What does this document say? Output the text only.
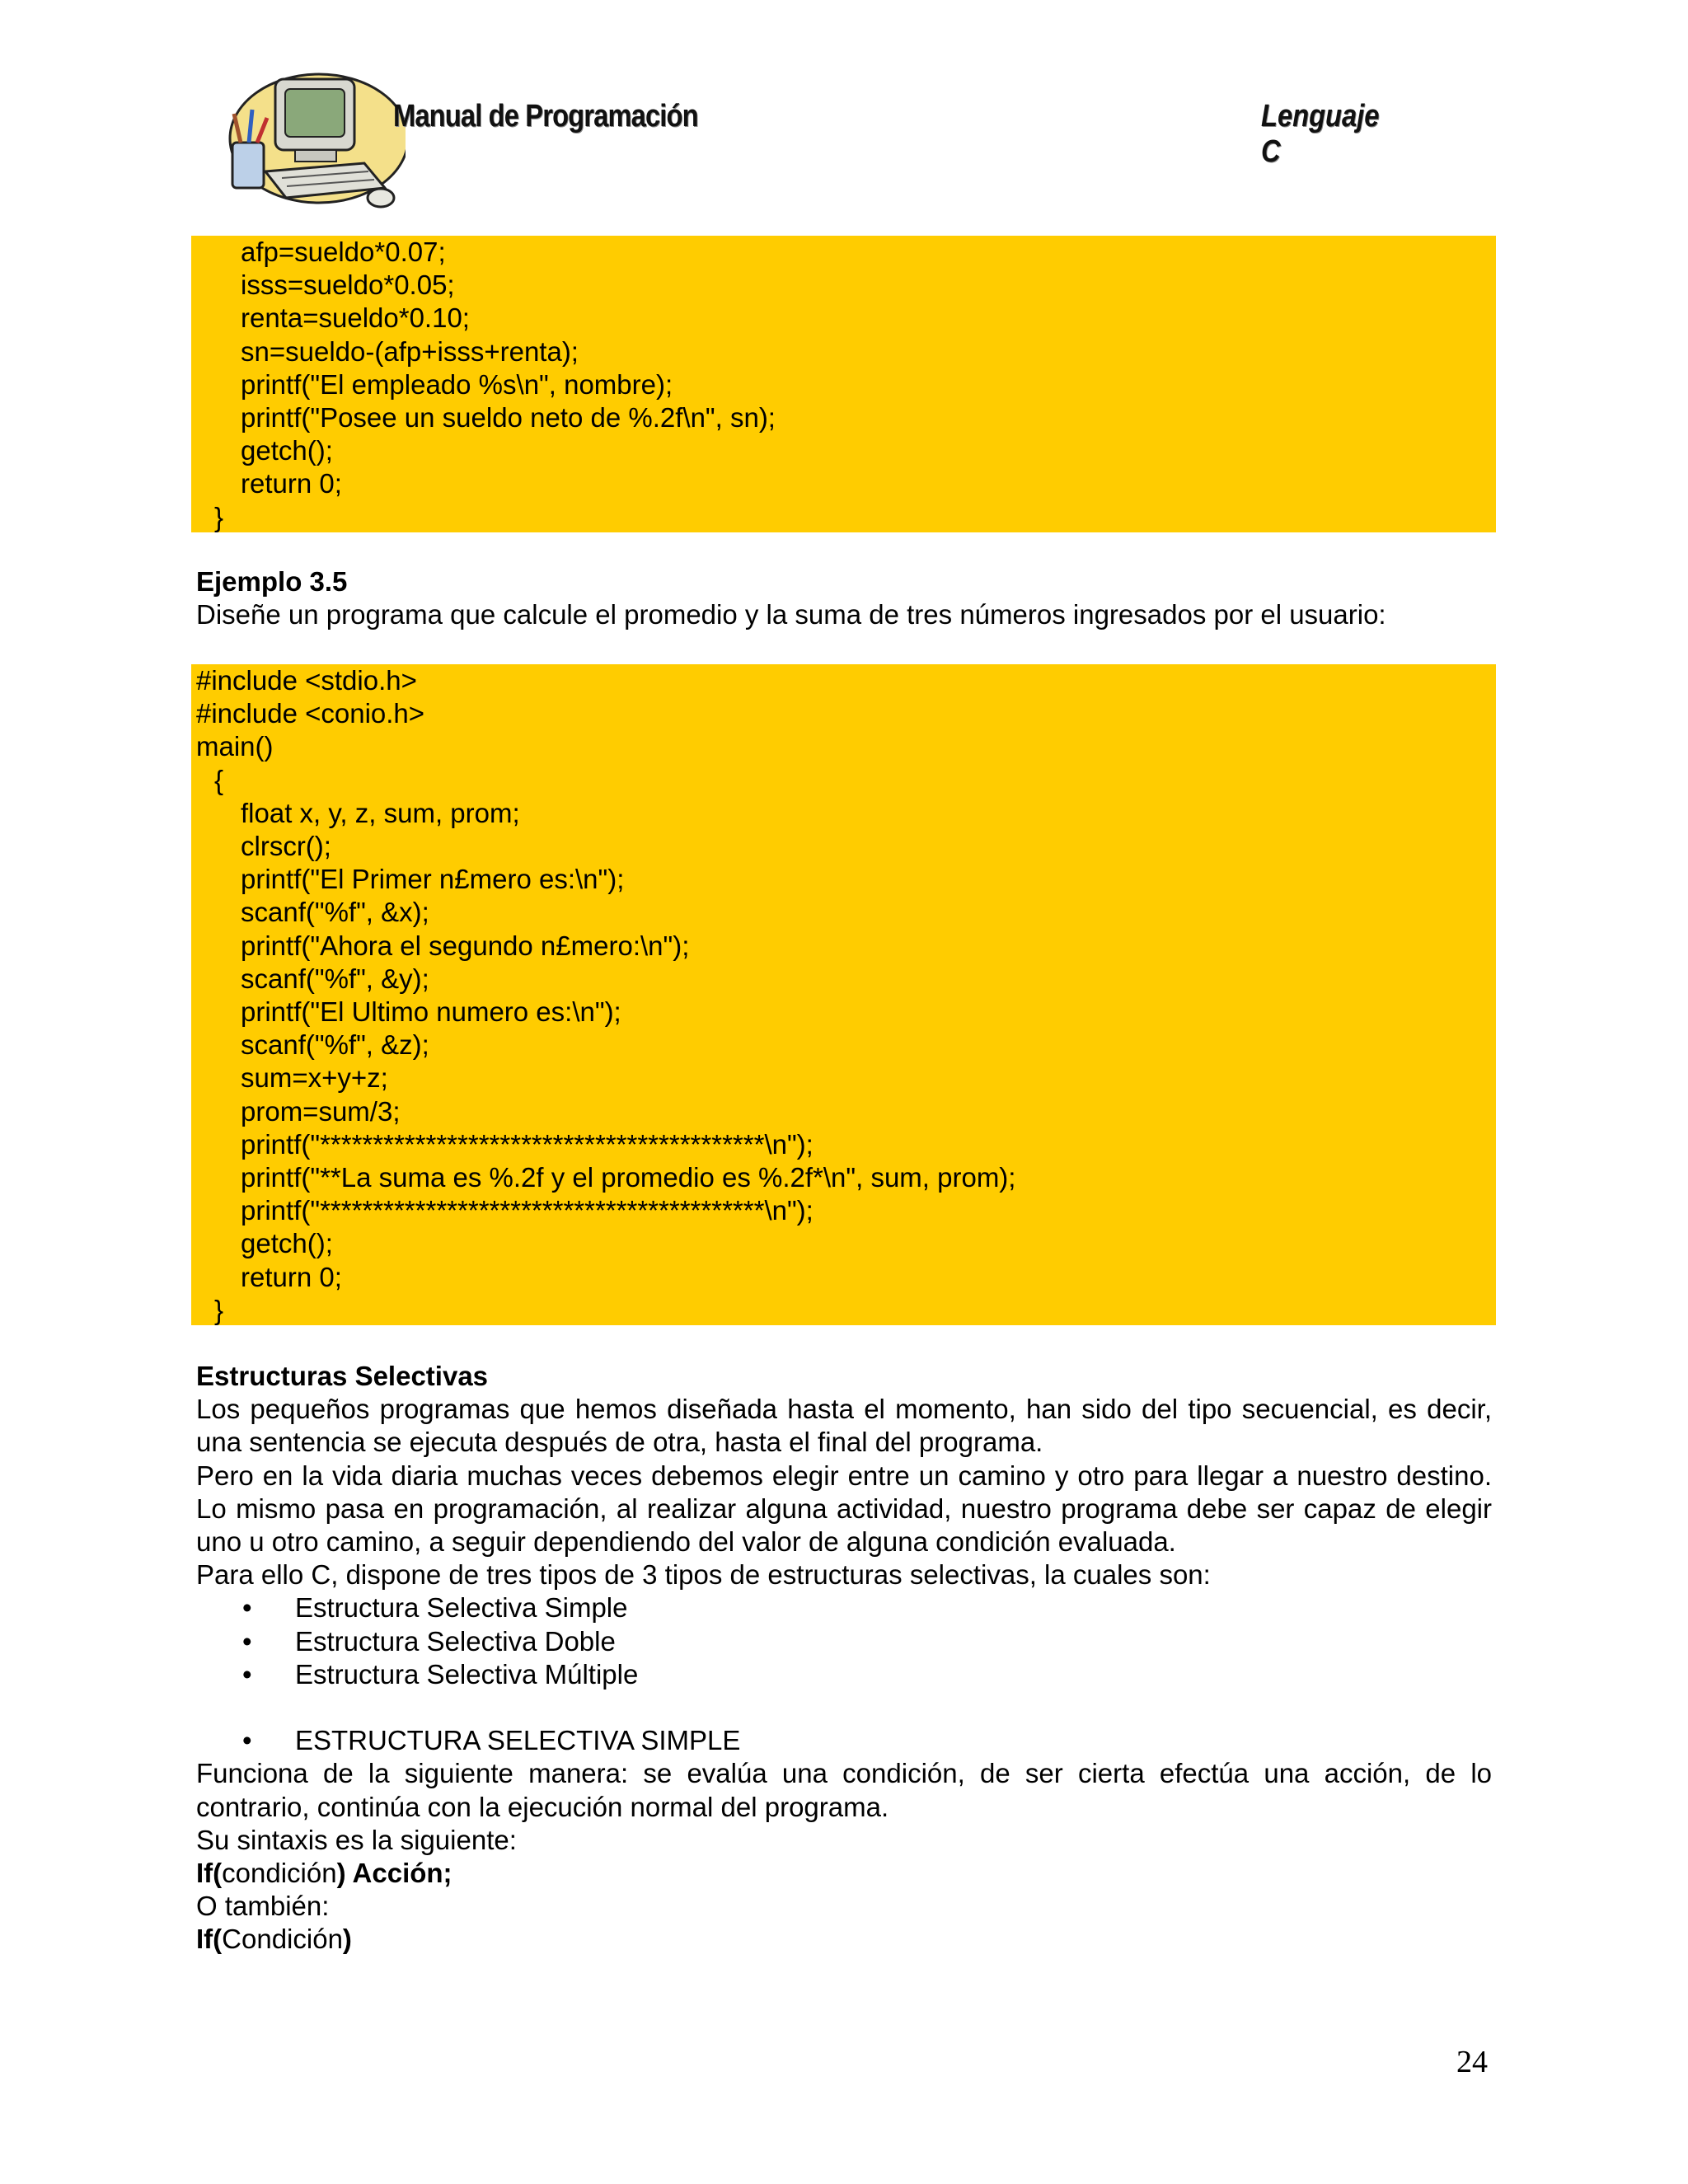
Manual de Programación	Lenguaje C
afp=sueldo*0.07;
isss=sueldo*0.05;
renta=sueldo*0.10;
sn=sueldo-(afp+isss+renta);
printf("El empleado %s\n", nombre);
printf("Posee un sueldo neto de %.2f\n", sn);
getch();
return 0;
}
Ejemplo 3.5
Diseñe un programa que calcule el promedio y la suma de tres números ingresados por el usuario:
#include <stdio.h>
#include <conio.h>
main()
{
float x, y, z, sum, prom;
clrscr();
printf("El Primer n£mero es:\n");
scanf("%f", &x);
printf("Ahora el segundo n£mero:\n");
scanf("%f", &y);
printf("El Ultimo numero es:\n");
scanf("%f", &z);
sum=x+y+z;
prom=sum/3;
printf("******************************************\n");
printf("**La suma es %.2f y el promedio es %.2f*\n", sum, prom);
printf("******************************************\n");
getch();
return 0;
}
Estructuras Selectivas
Los pequeños programas que hemos diseñada hasta el momento, han sido del tipo secuencial, es decir, una sentencia se ejecuta después de otra, hasta el final del programa.
Pero en la vida diaria muchas veces debemos elegir entre un camino y otro para llegar a nuestro destino. Lo mismo pasa en programación, al realizar alguna actividad, nuestro programa debe ser capaz de elegir uno u otro camino, a seguir dependiendo del valor de alguna condición evaluada.
Para ello C, dispone de tres tipos de 3 tipos de estructuras selectivas, la cuales son:
• Estructura Selectiva Simple
• Estructura Selectiva Doble
• Estructura Selectiva Múltiple
• ESTRUCTURA SELECTIVA SIMPLE
Funciona de la siguiente manera: se evalúa una condición, de ser cierta efectúa una acción, de lo contrario, continúa con la ejecución normal del programa.
Su sintaxis es la siguiente:
If(condición) Acción;
O también:
If(Condición)
24
